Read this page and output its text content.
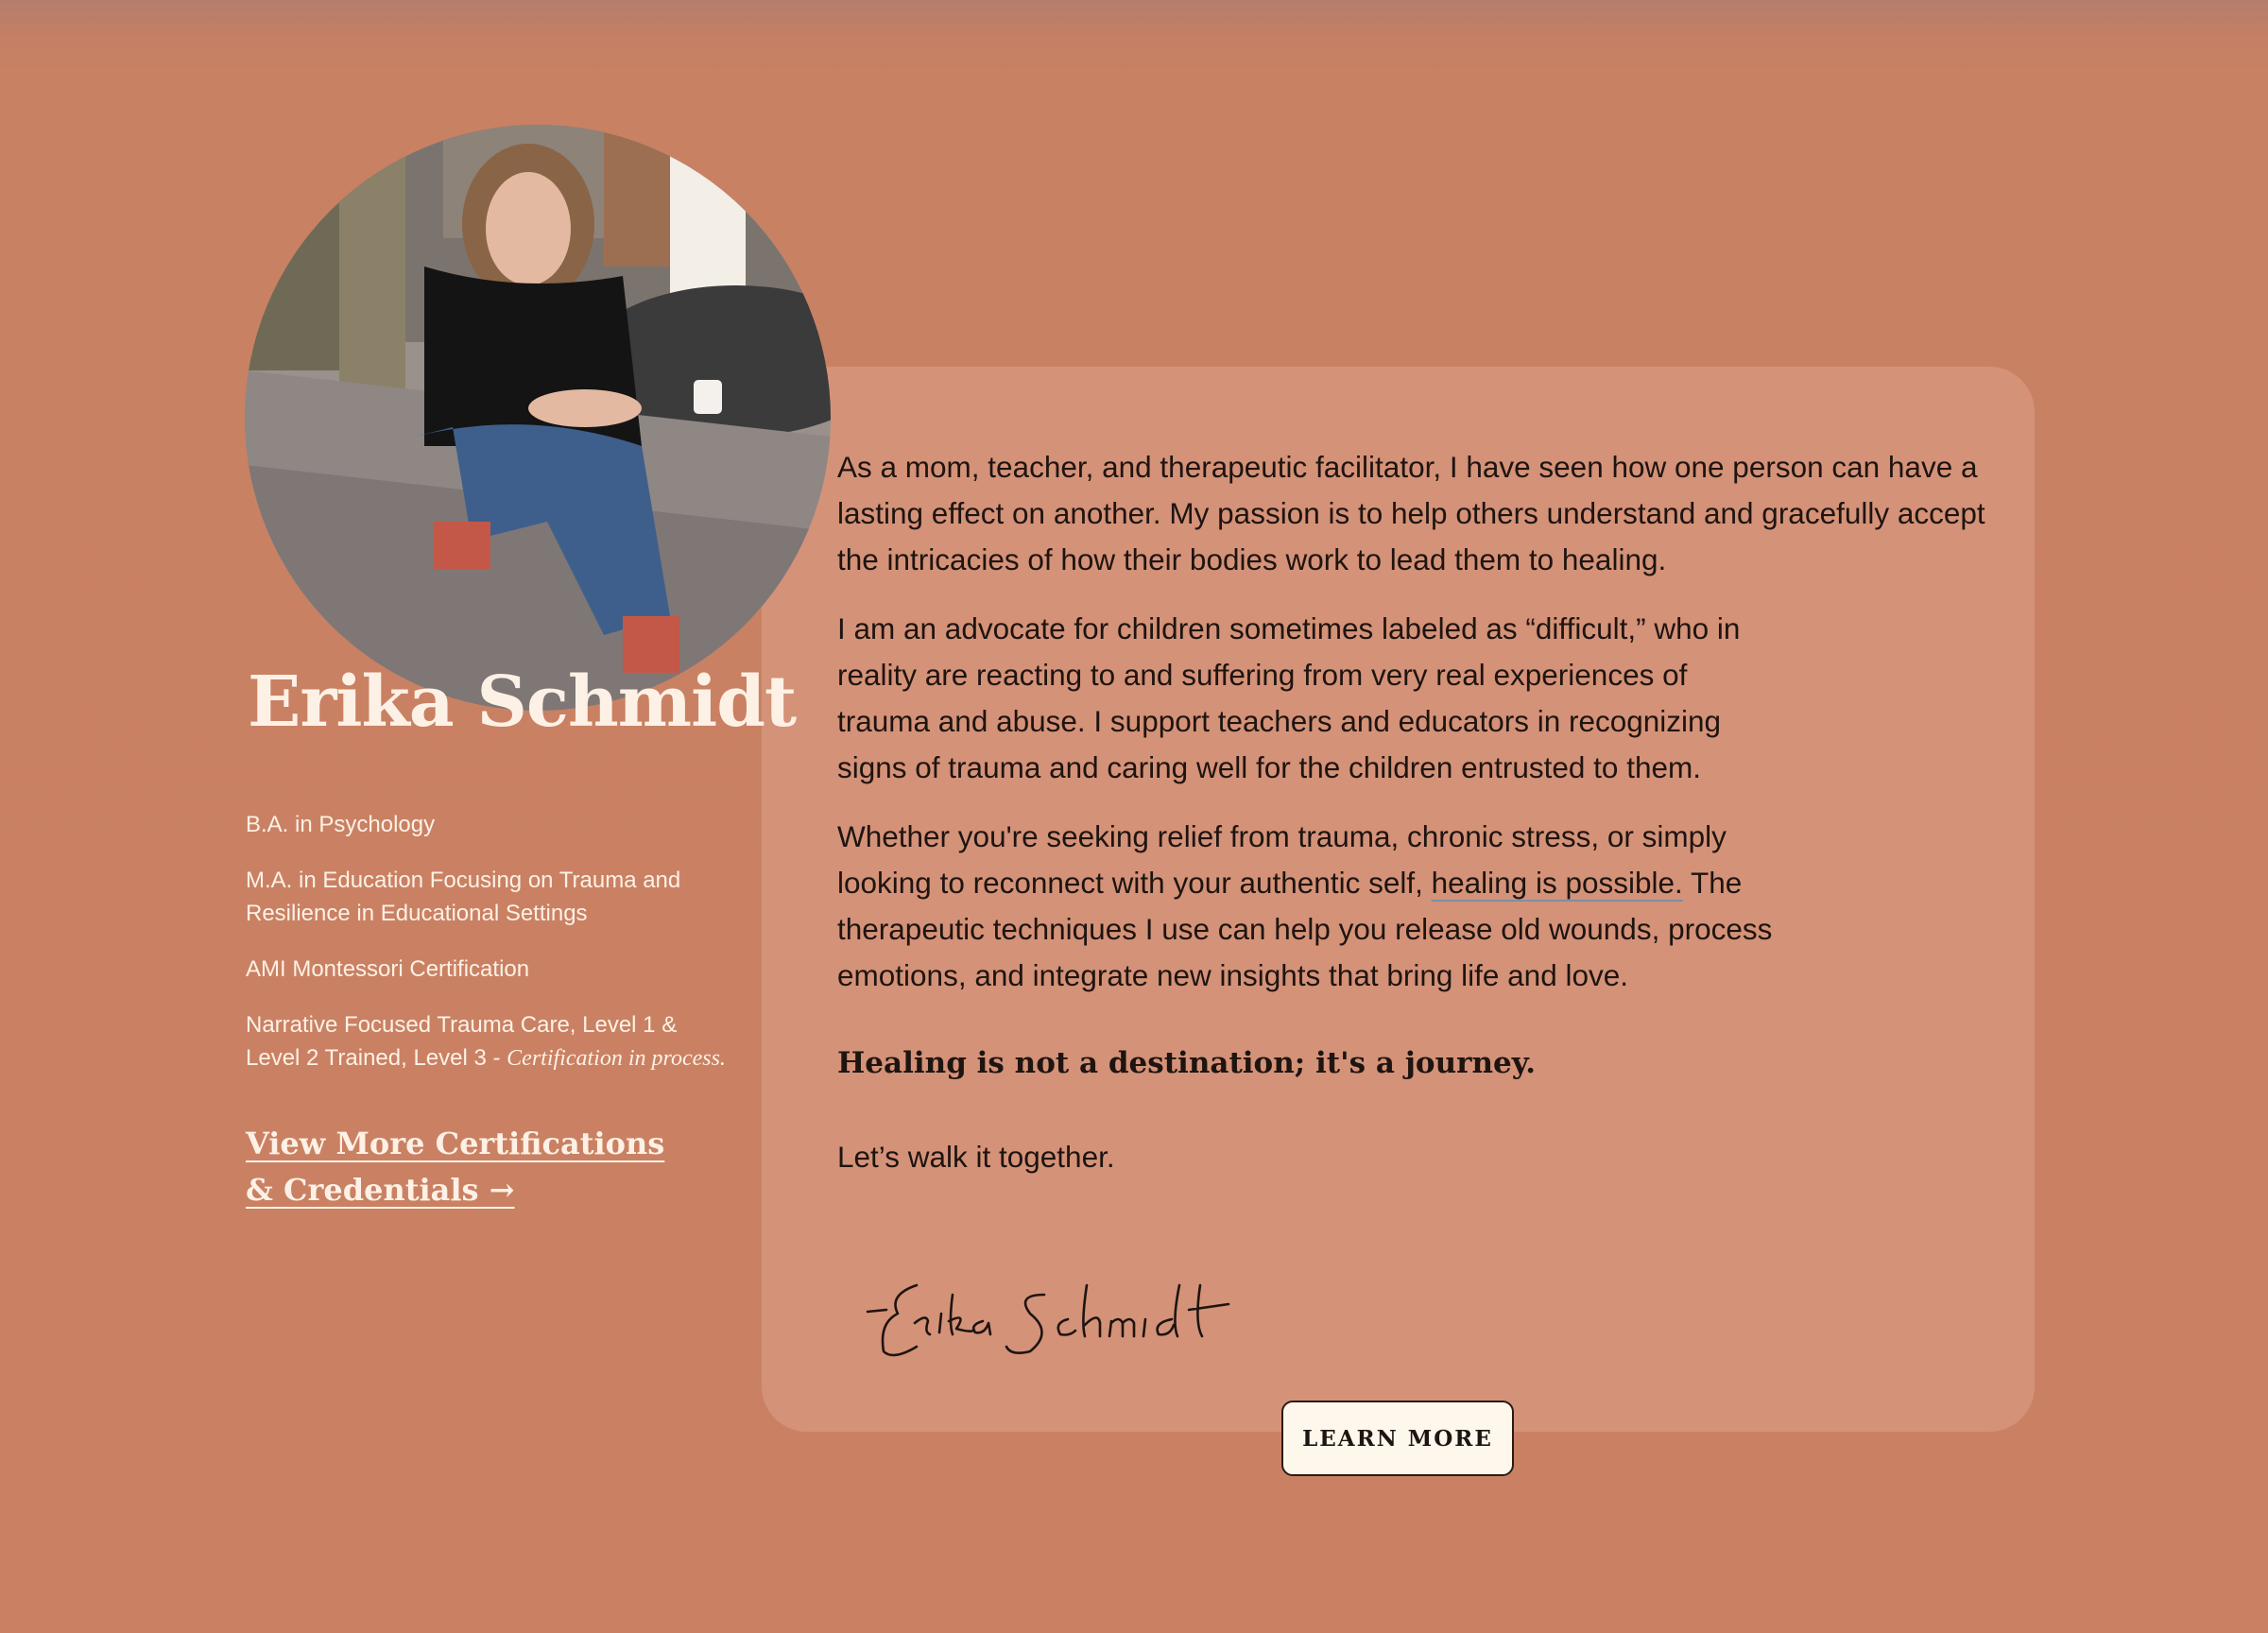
Erika Schmidt
B.A. in Psychology
M.A. in Education Focusing on Trauma and Resilience in Educational Settings
AMI Montessori Certification
Narrative Focused Trauma Care, Level 1 & Level 2 Trained, Level 3 - Certification in process.
View More Certifications & Credentials →

As a mom, teacher, and therapeutic facilitator, I have seen how one person can have a lasting effect on another. My passion is to help others understand and gracefully accept the intricacies of how their bodies work to lead them to healing.

I am an advocate for children sometimes labeled as “difficult,” who in reality are reacting to and suffering from very real experiences of trauma and abuse. I support teachers and educators in recognizing signs of trauma and caring well for the children entrusted to them.

Whether you're seeking relief from trauma, chronic stress, or simply looking to reconnect with your authentic self, healing is possible. The therapeutic techniques I use can help you release old wounds, process emotions, and integrate new insights that bring life and love.

Healing is not a destination; it's a journey.

Let’s walk it together.

LEARN MORE
